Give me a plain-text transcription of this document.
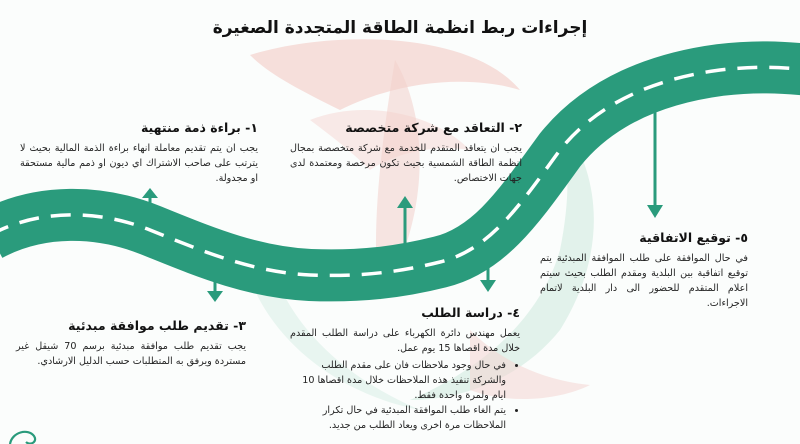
إجراءات ربط انظمة الطاقة المتجددة الصغيرة
١- براءة ذمة منتهية

يجب ان يتم تقديم معاملة انهاء براءة الذمة المالية بحيث لا يترتب على صاحب الاشتراك اي ديون او ذمم مالية مستحقة او مجدولة.

٢- التعاقد مع شركة متخصصة

يجب ان يتعاقد المتقدم للخدمة مع شركة متخصصة بمجال انظمة الطاقة الشمسية بحيث تكون مرخصة ومعتمدة لدى جهات الاختصاص.

٣- تقديم طلب موافقة مبدئية

يجب تقديم طلب موافقة مبدئية برسم 70 شيقل غير مستردة ويرفق به المتطلبات حسب الدليل الارشادي.

٤- دراسة الطلب

يعمل مهندس دائرة الكهرباء على دراسة الطلب المقدم خلال مدة اقصاها 15 يوم عمل.

• في حال وجود ملاحظات فان على مقدم الطلب والشركة تنفيذ هذه الملاحظات خلال مدة اقصاها 10 ايام ولمرة واحدة فقط.
• يتم الغاء طلب الموافقة المبدئية في حال تكرار الملاحظات مرة اخرى ويعاد الطلب من جديد.
٥- توقيع الاتفاقية

في حال الموافقة على طلب الموافقة المبدئية يتم توقيع اتفاقية بين البلدية ومقدم الطلب بحيث سيتم اعلام المتقدم للحضور الى دار البلدية لاتمام الاجراءات.
